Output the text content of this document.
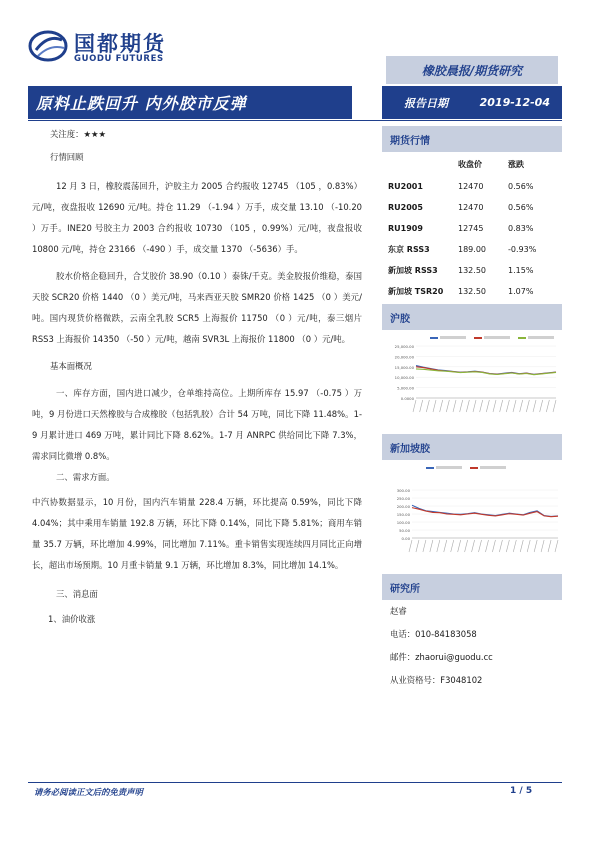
国都期货
GUODU FUTURES
橡胶晨报/期货研究
原料止跌回升 内外胶市反弹	报告日期	2019-12-04
关注度：★★★
行情回顾
12 月 3 日，橡胶震荡回升，沪胶主力 2005 合约报收 12745 （105 ，0.83%）元/吨，夜盘报收 12690 元/吨。持仓 11.29 （-1.94 ）万手，成交量 13.10 （-10.20 ）万手。INE20 号胶主力 2003 合约报收 10730 （105 ，0.99%）元/吨，夜盘报收 10800 元/吨，持仓 23166 （-490 ）手，成交量 1370 （-5636）手。
胶水价格企稳回升，合艾胶价 38.90（0.10 ）泰铢/千克。美金胶报价维稳，泰国天胶 SCR20 价格 1440 （0 ）美元/吨，马来西亚天胶 SMR20 价格 1425 （0 ）美元/吨。国内现货价格微跌，云南全乳胶 SCR5 上海报价 11750 （0 ）元/吨，泰三烟片 RSS3 上海报价 14350 （-50 ）元/吨，越南 SVR3L 上海报价 11800 （0 ）元/吨。
基本面概况
一、库存方面，国内进口减少，仓单维持高位。上期所库存 15.97 （-0.75 ）万吨，9 月份进口天然橡胶与合成橡胶（包括乳胶）合计 54 万吨，同比下降 11.48%。1-9 月累计进口 469 万吨，累计同比下降 8.62%。1-7 月 ANRPC 供给同比下降 7.3%，需求同比微增 0.8%。
二、需求方面。
中汽协数据显示，10 月份，国内汽车销量 228.4 万辆，环比提高 0.59%，同比下降 4.04%；其中乘用车销量 192.8 万辆，环比下降 0.14%，同比下降 5.81%；商用车销量 35.7 万辆，环比增加 4.99%，同比增加 7.11%。重卡销售实现连续四月同比正向增长，超出市场预期。10 月重卡销量 9.1 万辆，环比增加 8.3%，同比增加 14.1%。
三、消息面
1、油价收涨
期货行情
	收盘价	涨跌
RU2001	12470	0.56%
RU2005	12470	0.56%
RU1909	12745	0.83%
东京 RSS3	189.00	-0.93%
新加坡 RSS3	132.50	1.15%
新加坡 TSR20	132.50	1.07%
沪胶
25,000.00
20,000.00
15,000.00
10,000.00
5,000.00
0.0000
新加坡胶
300.00
250.00
200.00
150.00
100.00
50.00
0.00
研究所
赵睿
电话：010-84183058
邮件：zhaorui@guodu.cc
从业资格号：F3048102
请务必阅读正文后的免责声明	1 / 5
